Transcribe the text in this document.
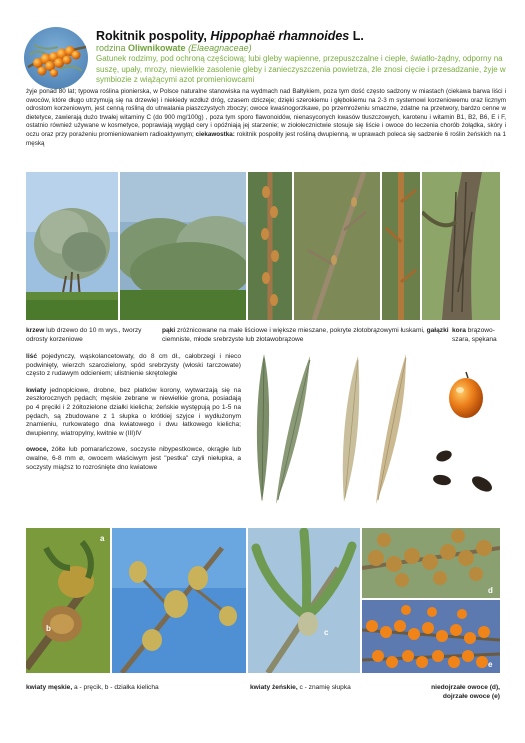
Rokitnik pospolity, Hippophaë rhamnoides L.
rodzina Oliwnikowate (Elaeagnaceae)
Gatunek rodzimy, pod ochroną częściową; lubi gleby wapienne, przepuszczalne i ciepłe, światło-żądny, odporny na suszę, upały, mrozy, niewielkie zasolenie gleby i zanieczyszczenia powietrza, źle znosi cięcie i przesadzanie, żyje w symbiozie z wiążącymi azot promieniowcami
żyje ponad 80 lat; typowa roślina pionierska, w Polsce naturalne stanowiska na wydmach nad Bałtykiem, poza tym dość często sadzony w miastach (ciekawa barwa liści i owoców, które długo utrzymują się na drzewie) i niekiedy wzdłuż dróg, czasem dziczeje; dzięki szerokiemu i głębokiemu na 2-3 m systemowi korzeniowemu oraz licznym odrostom korzeniowym, jest cenną rośliną do utrwalania piaszczystych zboczy; owoce kwaśnogorzkawe, po przemrożeniu smaczne, zdatne na przetwory, bardzo cenne w dietetyce, zawierają dużo trwałej witaminy C (do 900 mg/100g) , poza tym sporo flawonoidów, nienasyconych kwasów tłuszczowych, karotenu i witamin B1, B2, B6, E i F, ostatnio również używane w kosmetyce, poprawiają wygląd cery i opóźniają jej starzenie; w ziołolecznictwie stosuje się liście i owoce do leczenia chorób żołądka, skóry i oczu oraz przy porażeniu promieniowaniem radioaktywnym; ciekawostka: rokitnik pospolity jest rośliną dwupienną, w uprawach poleca się sadzenie 6 roślin żeńskich na 1 męską
krzew lub drzewo do 10 m wys., tworzy odrosty korzeniowe
pąki zróżnicowane na małe liściowe i większe mieszane, pokryte złotobrązowymi łuskami, gałązki ciemniste, młode srebrzyste lub złotawobrązowe
kora brązowo-szara, spękana

liść pojedynczy, wąskolancetowaty, do 8 cm dł., całobrzegi i nieco podwinięty, wierzch szarozielony, spód srebrzysty (włoski tarczowate) często z rudawym odcieniem; ulistnienie skrętoległe

kwiaty jednopłciowe, drobne, bez płatków korony, wytwarzają się na zeszłorocznych pędach; męskie zebrane w niewielkie grona, posiadają po 4 pręciki i 2 żółtozielone działki kielicha; żeńskie występują po 1-5 na pędach, są zbudowane z 1 słupka o krótkiej szyjce i wydłużonym znamieniu, rurkowatego dna kwiatowego i dwu łatkowego kielicha; dwupienny, wiatropylny, kwitnie w (III)IV

owoce, żółte lub pomarańczowe, soczyste nibypestkowce, okrągłe lub owalne, 6-8 mm ø, owocem właściwym jest "pestka" czyli niełupka, a soczysty miąższ to rozrośnięte dno kwiatowe

a
b	c
d
e
kwiaty męskie, a - pręcik, b - działka kielicha	kwiaty żeńskie, c - znamię słupka	niedojrzałe owoce (d),
dojrzałe owoce (e)
